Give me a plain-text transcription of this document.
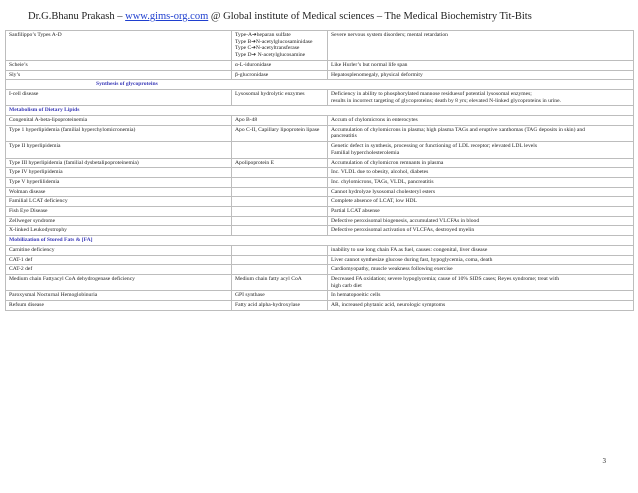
Dr.G.Bhanu Prakash – www.gims-org.com @ Global institute of Medical sciences – The Medical Biochemistry Tit-Bits
Sanfilippo’s Types A-D	Type-A➔heparan sulfate
Type B➔N-acetylglucosaminidase
Type C➔N-acetyltransferase
Type D➔ N-acetylglucosamine	Severe nervous system disorders; mental retardation
Scheie’s	α-L-iduronidase	Like Hurler’s but normal life span
Sly’s	β-glucronidase	Hepatosplenomegaly, physical deformity
Synthesis of glycoproteins		
I-cell disease	Lysosomal hydrolytic enzymes	Deficiency in ability to phosphorylated mannose residuesof potential lysosomal enzymes;
results in incorrect targeting of glycoproteins; death by 8 yrs; elevated N-linked glycoproteins in urine.
Metabolism of Dietary Lipids		
Congenital A-beta-lipoproteinemia	Apo B-48	Accum of chylomicrons in enterocytes
Type 1 hyperlipidemia (familial hyperchylomicronemia)	Apo C-II, Capillary lipoprotein lipase	Accumulation of chylomicrons in plasma; high plasma TAGs and eruptive xanthomas (TAG deposits in skin) and
pancreatitis
Type II hyperlipidemia		Genetic defect in synthesis, processing or functioning of LDL receptor; elevated LDL levels
Familial hypercholesterolemia
Type III hyperlipidemia (familial dysbetalipoproteinemia)	Apolipoprotein E	Accumulation of chylomicron remnants in plasma
Type IV hyperlipidemia		Inc. VLDL due to obesity, alcohol, diabetes
Type V hyperlilidemia		Inc. chylomicrons, TAGs, VLDL, pancreatitis
Wolman disease		Cannot hydrolyze lysosomal cholesteryl esters
Familial LCAT deficiency		Complete absence of LCAT, low HDL
Fish Eye Disease		Partial LCAT absense
Zellweger syndrome		Defective peroxisomal biogenesis, accumulated VLCFAs in blood
X-linked Leukodystrophy		Defective peroxisomal activation of VLCFAs, destroyed myelin
Mobilization of Stored Fats & [FA]		
Carnitine deficiency		inability to use long chain FA as fuel, causes: congenital, liver disease
CAT-1 def		Liver cannot synthesize glucose during fast, hypoglycemia, coma, death
CAT-2 def		Cardiomyopathy, muscle weakness following exercise
Medium chain Fattyacyl CoA dehydrogenase deficiency	Medium chain fatty acyl CoA	Decreased FA oxidation; severe hypoglycemia; cause of 10% SIDS cases; Reyes syndrome; treat with
high carb diet
Paroxysmal Nocturnal Hemoglobinuria	GPI synthase	In hematopoeitic cells
Refsum disease	Fatty acid alpha-hydroxylase	AR, increased phytanic acid, neurologic symptoms
3
